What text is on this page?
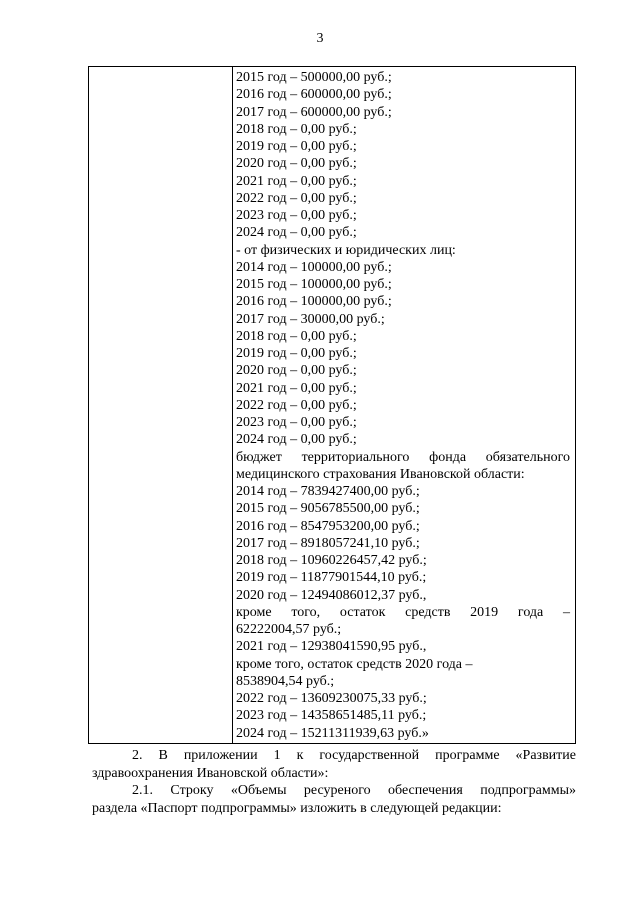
3
2015 год – 500000,00 руб.;
2016 год – 600000,00 руб.;
2017 год – 600000,00 руб.;
2018 год – 0,00 руб.;
2019 год – 0,00 руб.;
2020 год – 0,00 руб.;
2021 год – 0,00 руб.;
2022 год – 0,00 руб.;
2023 год – 0,00 руб.;
2024 год – 0,00 руб.;
- от физических и юридических лиц:
2014 год – 100000,00 руб.;
2015 год – 100000,00 руб.;
2016 год – 100000,00 руб.;
2017 год – 30000,00 руб.;
2018 год – 0,00 руб.;
2019 год – 0,00 руб.;
2020 год – 0,00 руб.;
2021 год – 0,00 руб.;
2022 год – 0,00 руб.;
2023 год – 0,00 руб.;
2024 год – 0,00 руб.;
бюджет территориального фонда обязательного
медицинского страхования Ивановской области:
2014 год – 7839427400,00 руб.;
2015 год – 9056785500,00 руб.;
2016 год – 8547953200,00 руб.;
2017 год – 8918057241,10 руб.;
2018 год – 10960226457,42 руб.;
2019 год – 11877901544,10 руб.;
2020 год – 12494086012,37 руб.,
кроме того, остаток средств 2019 года –
62222004,57 руб.;
2021 год – 12938041590,95 руб.,
кроме того, остаток средств 2020 года –
8538904,54 руб.;
2022 год – 13609230075,33 руб.;
2023 год – 14358651485,11 руб.;
2024 год – 15211311939,63 руб.»
2. В приложении 1 к государственной программе «Развитие
здравоохранения Ивановской области»:
2.1. Строку «Объемы ресуреного обеспечения подпрограммы»
раздела «Паспорт подпрограммы» изложить в следующей редакции:
